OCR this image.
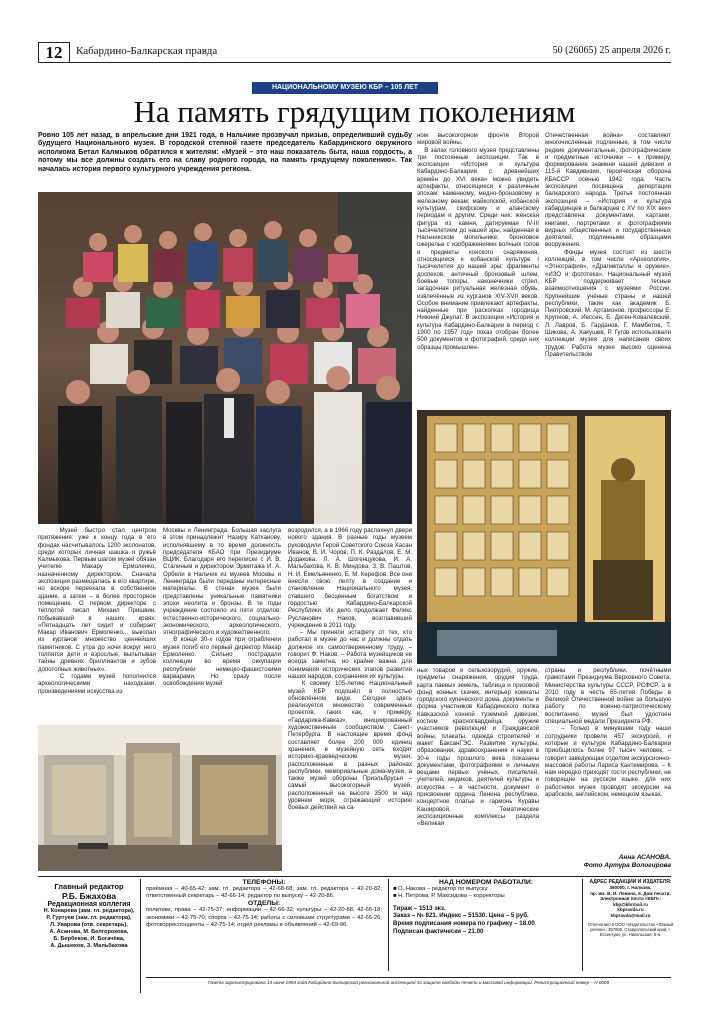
12	Кабардино-Балкарская правда	50 (26065) 25 апреля 2026 г.
НАЦИОНАЛЬНОМУ МУЗЕЮ КБР – 105 ЛЕТ
На память грядущим поколениям
Ровно 105 лет назад, в апрельские дни 1921 года, в Нальчике прозвучал призыв, определивший судьбу будущего Национального музея. В городской степной газете председатель Кабардинского окружного исполкома Бетал Калмыков обратился к жителям: «Музей – это наш показатель быта, наша гордость, а потому мы все должны создать его на славу родного города, на память грядущему поколению». Так началась история первого культурного учреждения региона.
ном высокогорном фронте Второй мировой войны.
В залах головного музея представлены три постоянные экспозиции. Так в экспозиции «История и культура Кабардино-Балкарии с древнейших времён до XVI века» можно увидеть артефакты, относящиеся к различным эпохам: каменному, медно-бронзовому и железному векам; майкопской, кобанской культурам, скифскому и аланскому периодам и другим. Среди них: женская фигура из камня, датируемая IV-III тысячелетием до нашей эры, найденная в Нальчикском могильнике; бронзовое ожерелье с изображениями волчьих голов и предметы конского снаряжения, относящиеся к кобанской культуре I тысячелетия до нашей эры; фрагменты доспехов, античный бронзовый шлем, боевые топоры, наконечники стрел, загадочная ритуальная железная обувь, извлечённые из курганов XIV-XVII веков. Особое внимание привлекают артефакты, найденные при раскопках городища Нижний Джулат. В экспозиции «История и культура Кабардино-Балкарии в период с 1900 по 1957 год» показ отобран более 500 документов и фотографий, среди них образцы промышлен-
Отечественная война» составляют многочисленные подлинные, в том числе редкие документальные, фотографические и предметные источники – к примеру, формирование знамени нашей дивизии и 115-й Кавдивизии, героическая оборона КБАССР осенью 1942 года. Часть экспозиции посвящена депортации балкарского народа. Третья постоянная экспозиция – «История и культура кабардинцев и балкарцев с XV по XIX век» представлена документами, картами, книгами, портретами и фотографиями видных общественных и государственных деятелей, подлинными образцами вооружения.
Фонды музея состоят из шести коллекций, в том числе «Археология», «Этнография», «Драгметаллы и оружие», «ИЗО и фототека». Национальный музей КБР поддерживает тесные взаимоотношения с музеями России. Крупнейшие учёные страны и нашей республики, такие как академик Б. Пиотровский, М. Артамонов, профессоры Е. Крупнов, А. Иессен, Б. Деген-Ковалевский, Л. Лавров, Б. Гарданов, Г. Мамбетов, Т. Шикова, А. Хакушев, Р. Гугов использовали коллекции музея для написания своих трудов. Работа музея высоко оценена Правительством
Музей быстро стал центром притяжения: уже к концу года в его фондах насчитывалось 1200 экспонатов, среди которых личная шашка и ружьё Калмыкова. Первым шагом музей обязан учителю Макару Ермоленко, назначенному директором. Сначала экспозиция размещалась в его квартире, но вскоре переехала в собственное здание, а затем – в более просторное помещение. О первом директоре с теплотой писал Михаил Пришвин, побывавший в наших краях: «Пятнадцать лет сидит и собирает Макар Иванович Ермоленко... выкопал из курганов множество ценнейших памятников. С утра до ночи вокруг него толпятся дети и взрослые, выпытывая тайны древних бриллиантов и зубов допотопных животных».
С годами музей пополнился археологическими находками, произведениями искусства из
Москвы и Ленинграда. Большая заслуга в этом принадлежит Назиру Катханову, исполнявшему в то время должность председателя КБАО при Президиуме ВЦИК. Благодаря его переписке с И. В. Сталиным и директором Эрмитажа И. А. Орбели в Нальчик из музеев Москвы и Ленинграда были переданы интересные материалы. В стенах музея были представлены уникальные памятники эпохи неолита и бронзы. В те годы учреждение состояло из пяти отделов: естественно-исторического, социально-экономического, археологического, этнографического и художественного.
В конце 30-х годов при ограблении музея погиб его первый директор Макар Ермоленко. Сильно пострадали коллекции во время оккупации республики немецко-фашистскими варварами. Но сразу после освобождения музей
возродился, а в 1966 году распахнул двери нового здания. В разные годы музеем руководили Герой Советского Союза Хасан Иванов, В. И. Чоров, П. К. Раздалов, Е. М. Додакова, Л. А. Шогенцукова, И. А. Мальбахова, К. В. Миндова, З. В. Паштов, Н. И. Емельяненко, Б. М. Керефов. Все они внесли свою лепту в создание и становление Национального музея, ставшего бесценным богатством и гордостью Кабардино-Балкарской Республики. Их дело продолжает Феликс Русланович Наков, возглавивший учреждение в 2011 году.
– Мы приняли эстафету от тех, кто работал в музее до нас и должны отдать должное их самоотверженному труду, – говорит Ф. Наков. – Работа музейщиков не всегда заметна, но крайне важна для понимания исторических этапов развития наших народов, сохранения их культуры.
К своему 105-летию Национальный музей КБР подошёл в полностью обновлённом виде. Сегодня здесь реализуется множество современных проектов, таких как, к примеру, «Гардарика-Кавказ», инициированный художественным сообществом Санкт-Петербурга. В настоящее время фонд составляет более 200 000 единиц хранения, в музейную сеть входят историко-краеведческие музеи, расположенные в разных районах республики, мемориальные дома-музеи, а также музей обороны Приэльбрусья – самый высокогорный музей, расположенный на высоте 3500 м над уровнем моря, отражающий историю боевых действий на са-
ных товаров и сельхозорудий, оружие, предметы снаряжения, орудия труда, карта паевых земель, таблица и призовой фонд конных скачек, интерьер комнаты городского купеческого дома, документы и форма участников Кабардинского полка Кавказской конной туземной дивизии, костюм красногвардейца, оружие участников революций и Гражданской войны, плакаты, одежда строителей и макет БаксанГЭС. Развитие культуры, образования, здравоохранения и науки в 30-е годы прошлого века показаны документами, фотографиями и личными вещами первых учёных, писателей, учителей, медиков, деятелей культуры и искусства – в частности, документ о присвоении ордена Ленина республике, концертное платье и гармонь Куравы Кашировой. Тематические экспозиционные комплексы раздела «Великая
страны и республики, почётными грамотами Президиума Верховного Совета, Министерства культуры СССР, РСФСР, а в 2010 году в честь 65-летия Победы в Великой Отечественной войне за большую работу по военно-патриотическому воспитанию музей был удостоен специальной медали Президента РФ.
– Только в минувшем году наши сотрудники провели 457 экскурсий, и которые и культуре Кабардино-Балкарии приобщилось более 97 тысяч человек, – говорит заведующая отделом экскурсионно-массовой работы Лариса Кантемирова. – К нам нередко приходят гости республики, не говорящие на русском языке, для них работники музея проводят экскурсии на арабском, английском, немецком языках.
Анна АСАНОВА.
Фото Артура Вологирова
Главный редактор
Р.Б. Бжахова
Редакционная коллегия
Н. Конарева (зам. гл. редактора),
Р. Гуртуев (зам. гл. редактора),
Л. Уварова (отв. секретарь),
А. Асанова, М. Белгорокова,
Б. Бербеков, И. Богачёва,
А. Дышеков, З. Мальбахова
ТЕЛЕФОНЫ:
приёмная – 40-65-42; зам. гл. редактора – 42-68-68; зам. гл. редактора – 42-20-82; ответственный секретарь – 42-66-14; редактор по выпуску – 42-20-86.
ОТДЕЛЫ:
политики, права – 42-75-37; информации – 42-66-32; культуры – 42-20-88, 42-66-18; экономики – 42-75-70; спорта – 42-75-14; работы с силовыми структурами – 42-66-26; фотокорреспонденты – 42-75-14; отдел рекламы и объявлений – 42-69-96.
НАД НОМЕРОМ РАБОТАЛИ:
■ О. Накова – редактор по выпуску
■ Н. Петрова, Р. Максидова – корректоры
Тираж – 1513 экз.
Заказ – № 821. Индекс – 51530. Цена – 5 руб.
Время подписания номера по графику – 18.00
Подписан фактически – 21.00
АДРЕС РЕДАКЦИИ И ИЗДАТЕЛЯ:
360000, г. Нальчик,
пр. им. В. И. Ленина, 5. Дом печати.
Электронная почта «КБП»:
kbp@kbrmail.ru
kbpravda.ru
kbpravda@mail.ru
Отпечатано в ООО «Издательство «Южный регион», 357600, Ставропольский край, г. Ессентуки, ул. Никольская, 5-а.
Газета зарегистрирована 14 июня 1994 года Кабардино-Балкарской региональной инспекцией по защите свободы печати и массовой информации. Регистрационный номер – Н 0009
